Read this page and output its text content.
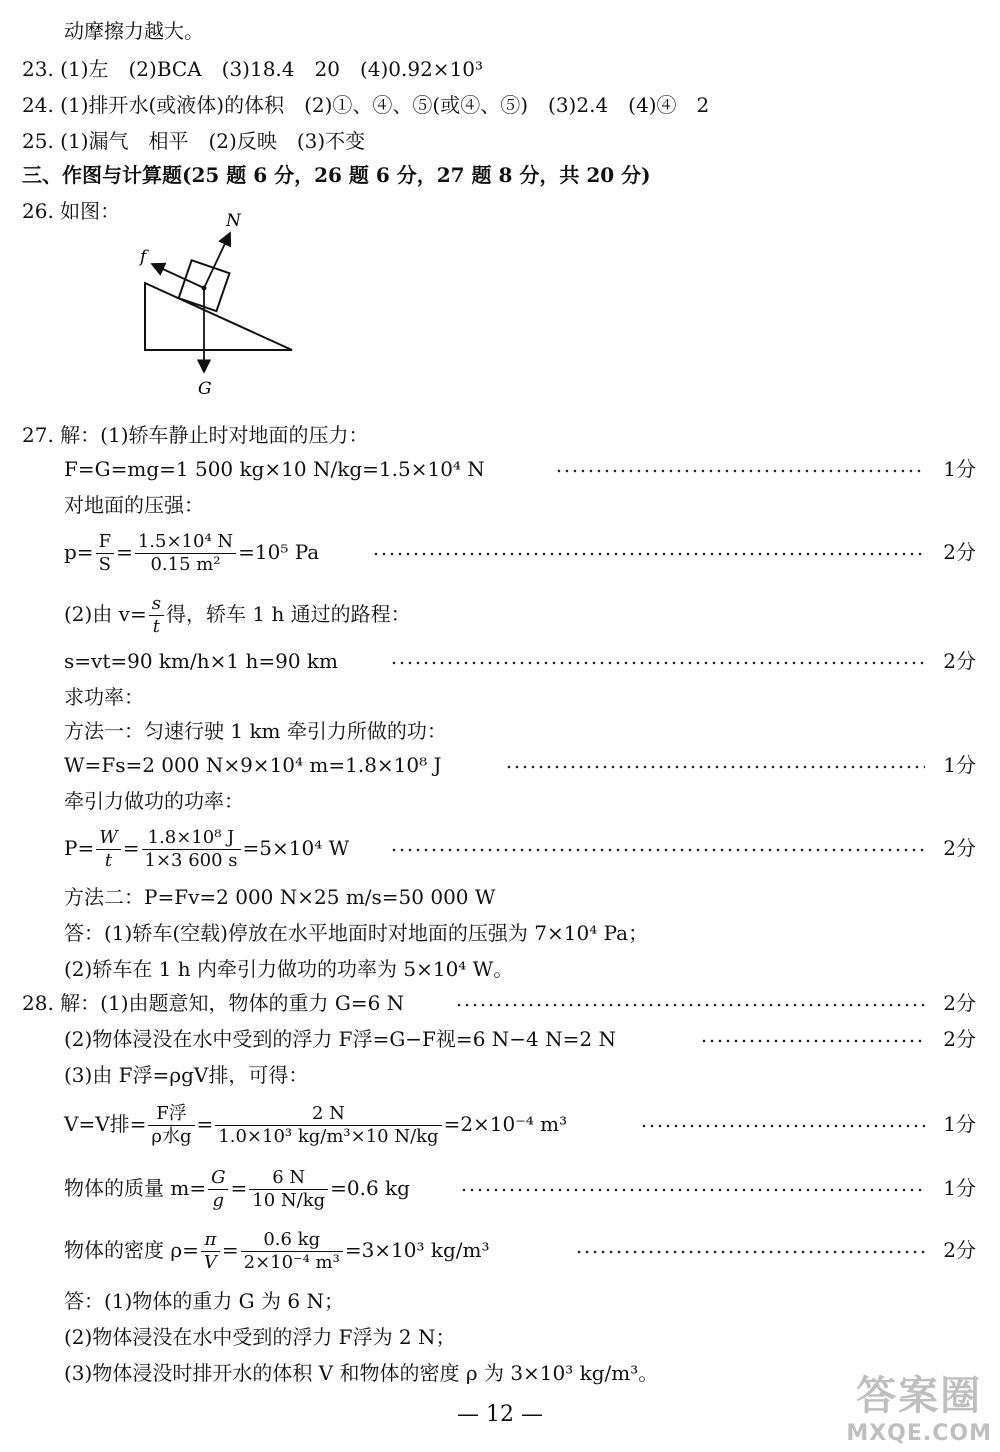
动摩擦力越大。
23. (1)左　(2)BCA　(3)18.4　20　(4)0.92×10³
24. (1)排开水(或液体)的体积　(2)①、④、⑤(或④、⑤)　(3)2.4　(4)④　2
25. (1)漏气　相平　(2)反映　(3)不变
三、作图与计算题(25 题 6 分，26 题 6 分，27 题 8 分，共 20 分)
26. 如图：	N
f
G
27. 解：(1)轿车静止时对地面的压力：
F=G=mg=1 500 kg×10 N/kg=1.5×10⁴ N	1分
对地面的压强：
$p= \frac{F}{S} = \frac{\text{1.5×10⁴ N}}{\text{0.15 m²}} =10^5$ Pa	2分
(2)由 $v= \frac{s}{t}$ 得，轿车 1 h 通过的路程：
s=vt=90 km/h×1 h=90 km	2分
求功率：
方法一：匀速行驶 1 km 牵引力所做的功：
W=Fs=2 000 N×9×10⁴ m=1.8×10⁸ J	1分
牵引力做功的功率：
$P= \frac{W}{t} = \frac{\text{1.8×10⁸ J}}{1\times 3 600 s} =5\times 10^4$ W	2分
方法二：P=Fv=2 000 N×25 m/s=50 000 W
答：(1)轿车(空载)停放在水平地面时对地面的压强为 7×10⁴ Pa；
(2)轿车在 1 h 内牵引力做功的功率为 5×10⁴ W。
28. 解：(1)由题意知，物体的重力 G=6 N	2分
(2)物体浸没在水中受到的浮力 F浮=G−F视=6 N−4 N=2 N	2分
(3)由 F浮=ρgV排，可得：
V=V排= $\frac{\text{F浮}}{\text{ρ水g}} = \frac{2 N}{\text{1.0×10³ kg/m³×10 N/kg}} =2\times 10^{-4}$ m³	1分
物体的质量 $m= \frac{G}{g} = \frac{6 N}{10 N/kg} =0.6$ kg	1分
物体的密度 $\rho= \frac{\pi}{V} = \frac{0.6 kg}{\text{2×10⁻⁴ m³}} =3\times 10^3$ kg/m³	2分
答：(1)物体的重力 G 为 6 N；
(2)物体浸没在水中受到的浮力 F浮为 2 N；
(3)物体浸没时排开水的体积 V 和物体的密度 ρ 为 3×10³ kg/m³。
— 12 —	答案圈
MXQE.COM
